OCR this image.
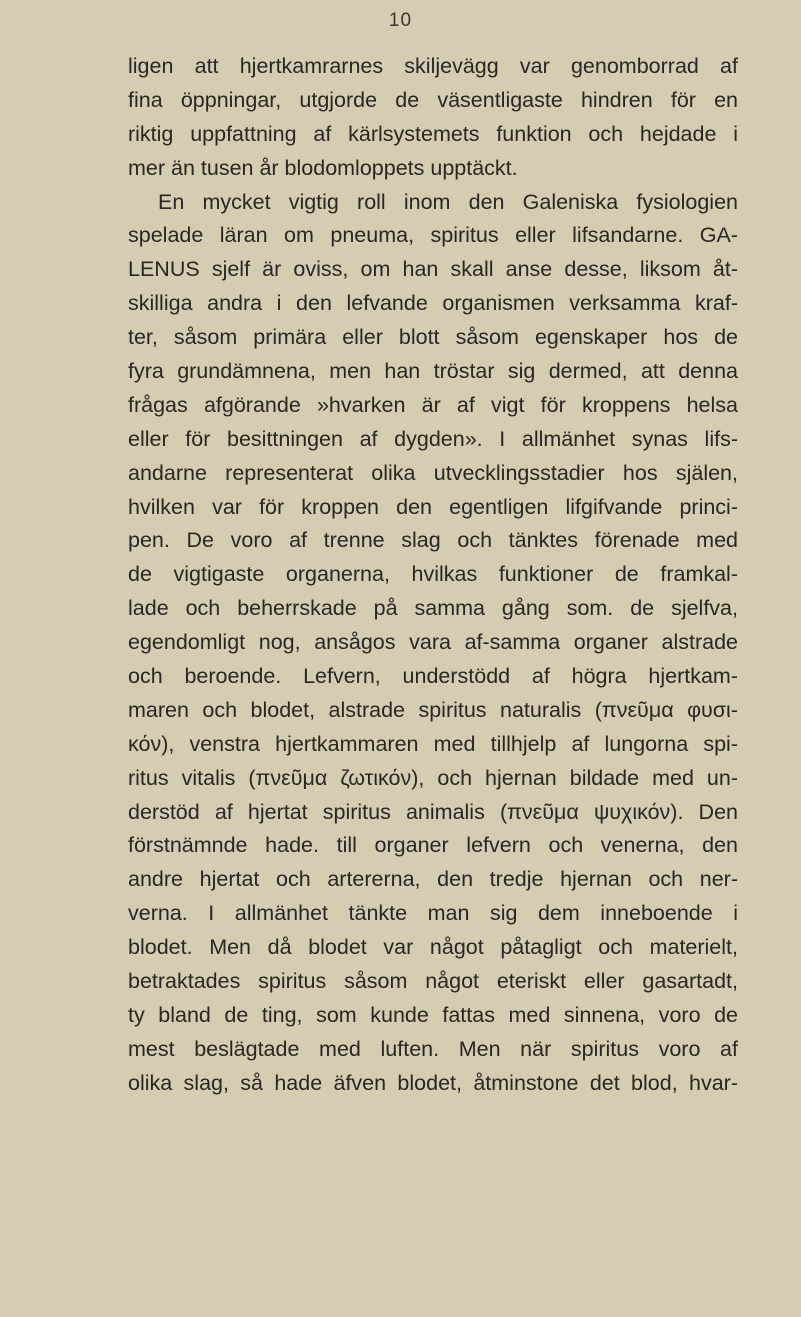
10
ligen att hjertkamrarnes skiljevägg var genomborrad af
fina öppningar, utgjorde de väsentligaste hindren för en
riktig uppfattning af kärlsystemets funktion och hejdade i
mer än tusen år blodomloppets upptäckt.
En mycket vigtig roll inom den Galeniska fysiologien
spelade läran om pneuma, spiritus eller lifsandarne. GA-
LENUS sjelf är oviss, om han skall anse desse, liksom åt-
skilliga andra i den lefvande organismen verksamma kraf-
ter, såsom primära eller blott såsom egenskaper hos de
fyra grundämnena, men han tröstar sig dermed, att denna
frågas afgörande »hvarken är af vigt för kroppens helsa
eller för besittningen af dygden». I allmänhet synas lifs-
andarne representerat olika utvecklingsstadier hos själen,
hvilken var för kroppen den egentligen lifgifvande princi-
pen. De voro af trenne slag och tänktes förenade med
de vigtigaste organerna, hvilkas funktioner de framkal-
lade och beherrskade på samma gång som. de sjelfva,
egendomligt nog, ansågos vara af-samma organer alstrade
och beroende. Lefvern, understödd af högra hjertkam-
maren och blodet, alstrade spiritus naturalis (πνεῦμα φυσι-
κόν), venstra hjertkammaren med tillhjelp af lungorna spi-
ritus vitalis (πνεῦμα ζωτικόν), och hjernan bildade med un-
derstöd af hjertat spiritus animalis (πνεῦμα ψυχικόν). Den
förstnämnde hade. till organer lefvern och venerna, den
andre hjertat och artererna, den tredje hjernan och ner-
verna. I allmänhet tänkte man sig dem inneboende i
blodet. Men då blodet var något påtagligt och materielt,
betraktades spiritus såsom något eteriskt eller gasartadt,
ty bland de ting, som kunde fattas med sinnena, voro de
mest beslägtade med luften. Men när spiritus voro af
olika slag, så hade äfven blodet, åtminstone det blod, hvar-
